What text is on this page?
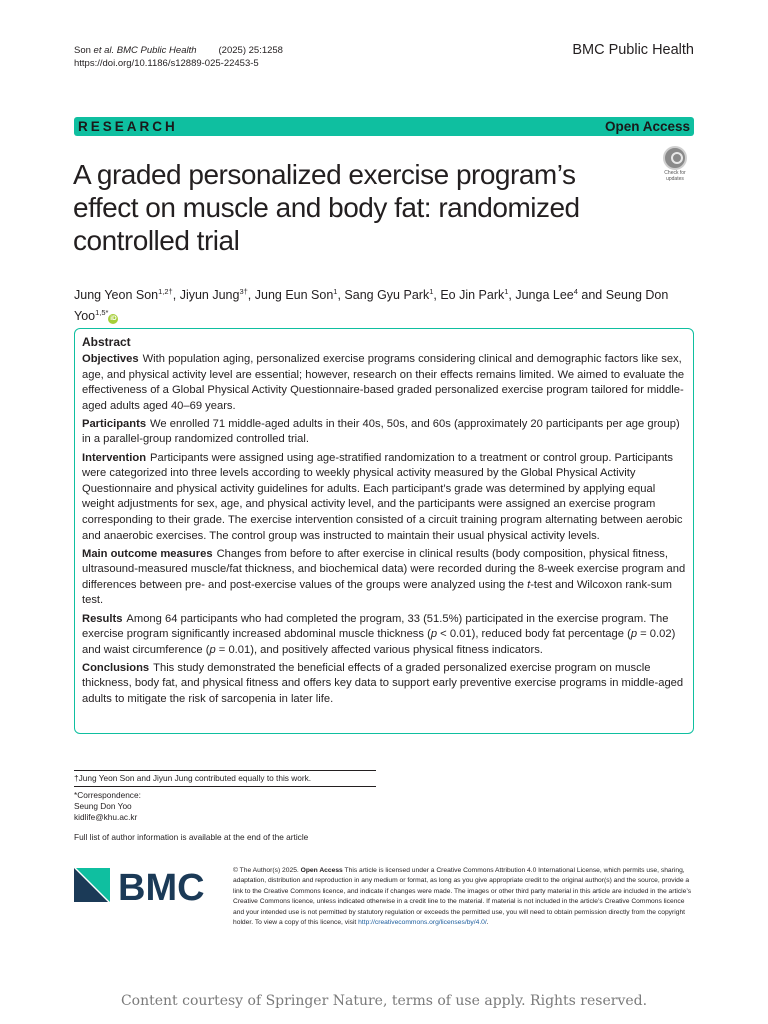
Son et al. BMC Public Health (2025) 25:1258
https://doi.org/10.1186/s12889-025-22453-5
BMC Public Health
RESEARCH	Open Access
A graded personalized exercise program’s effect on muscle and body fat: randomized controlled trial
Check for
updates
Jung Yeon Son$^{1,2\dagger}$, Jiyun Jung$^{3\dagger}$, Jung Eun Son$^1$, Sang Gyu Park$^1$, Eo Jin Park$^1$, Junga Lee$^4$ and Seung Don Yoo$^{1,5*}$iD
Abstract

Objectives With population aging, personalized exercise programs considering clinical and demographic factors like sex, age, and physical activity level are essential; however, research on their effects remains limited. We aimed to evaluate the effectiveness of a Global Physical Activity Questionnaire-based graded personalized exercise program tailored for middle-aged adults aged 40–69 years.

Participants We enrolled 71 middle-aged adults in their 40s, 50s, and 60s (approximately 20 participants per age group) in a parallel-group randomized controlled trial.

Intervention Participants were assigned using age-stratified randomization to a treatment or control group. Participants were categorized into three levels according to weekly physical activity measured by the Global Physical Activity Questionnaire and physical activity guidelines for adults. Each participant’s grade was determined by applying equal weight adjustments for sex, age, and physical activity level, and the participants were assigned an exercise program corresponding to their grade. The exercise intervention consisted of a circuit training program alternating between aerobic and anaerobic exercises. The control group was instructed to maintain their usual physical activity levels.

Main outcome measures Changes from before to after exercise in clinical results (body composition, physical fitness, ultrasound-measured muscle/fat thickness, and biochemical data) were recorded during the 8-week exercise program and differences between pre- and post-exercise values of the groups were analyzed using the t-test and Wilcoxon rank-sum test.

Results Among 64 participants who had completed the program, 33 (51.5%) participated in the exercise program. The exercise program significantly increased abdominal muscle thickness (p < 0.01), reduced body fat percentage (p = 0.02) and waist circumference (p = 0.01), and positively affected various physical fitness indicators.

Conclusions This study demonstrated the beneficial effects of a graded personalized exercise program on muscle thickness, body fat, and physical fitness and offers key data to support early preventive exercise programs in middle-aged adults to mitigate the risk of sarcopenia in later life.

†Jung Yeon Son and Jiyun Jung contributed equally to this work.
*Correspondence:
Seung Don Yoo
kidlife@khu.ac.kr
Full list of author information is available at the end of the article
BMC	© The Author(s) 2025. Open Access This article is licensed under a Creative Commons Attribution 4.0 International License, which permits use, sharing, adaptation, distribution and reproduction in any medium or format, as long as you give appropriate credit to the original author(s) and the source, provide a link to the Creative Commons licence, and indicate if changes were made. The images or other third party material in this article are included in the article’s Creative Commons licence, unless indicated otherwise in a credit line to the material. If material is not included in the article’s Creative Commons licence and your intended use is not permitted by statutory regulation or exceeds the permitted use, you will need to obtain permission directly from the copyright holder. To view a copy of this licence, visit http://creativecommons.org/licenses/by/4.0/.
Content courtesy of Springer Nature, terms of use apply. Rights reserved.
